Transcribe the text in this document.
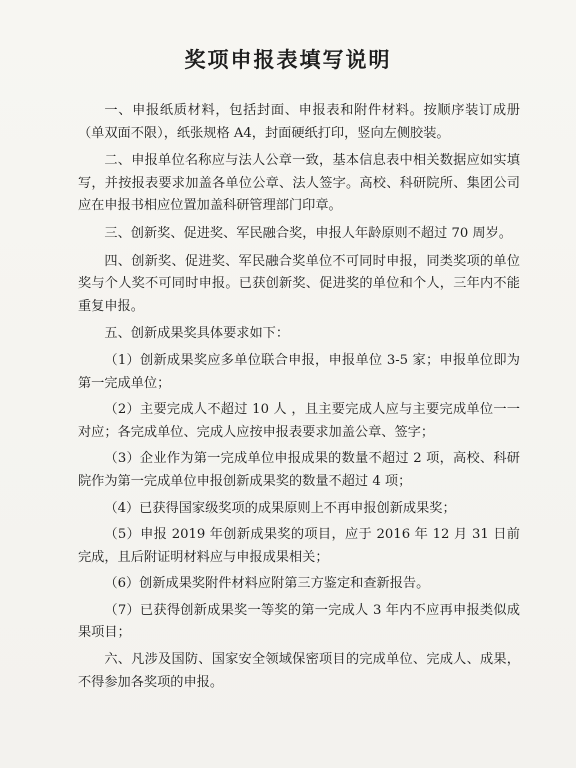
奖项申报表填写说明

一、申报纸质材料，包括封面、申报表和附件材料。按顺序装订成册（单双面不限），纸张规格 A4，封面硬纸打印，竖向左侧胶装。

二、申报单位名称应与法人公章一致，基本信息表中相关数据应如实填写，并按报表要求加盖各单位公章、法人签字。高校、科研院所、集团公司应在申报书相应位置加盖科研管理部门印章。

三、创新奖、促进奖、军民融合奖，申报人年龄原则不超过 70 周岁。

四、创新奖、促进奖、军民融合奖单位不可同时申报，同类奖项的单位奖与个人奖不可同时申报。已获创新奖、促进奖的单位和个人，三年内不能重复申报。

五、创新成果奖具体要求如下：

（1）创新成果奖应多单位联合申报，申报单位 3-5 家；申报单位即为第一完成单位；

（2）主要完成人不超过 10 人 ，且主要完成人应与主要完成单位一一对应；各完成单位、完成人应按申报表要求加盖公章、签字；

（3）企业作为第一完成单位申报成果的数量不超过 2 项，高校、科研院作为第一完成单位申报创新成果奖的数量不超过 4 项；

（4）已获得国家级奖项的成果原则上不再申报创新成果奖；

（5）申报 2019 年创新成果奖的项目，应于 2016 年 12 月 31 日前完成，且后附证明材料应与申报成果相关；

（6）创新成果奖附件材料应附第三方鉴定和查新报告。

（7）已获得创新成果奖一等奖的第一完成人 3 年内不应再申报类似成果项目；

六、凡涉及国防、国家安全领域保密项目的完成单位、完成人、成果，不得参加各奖项的申报。
